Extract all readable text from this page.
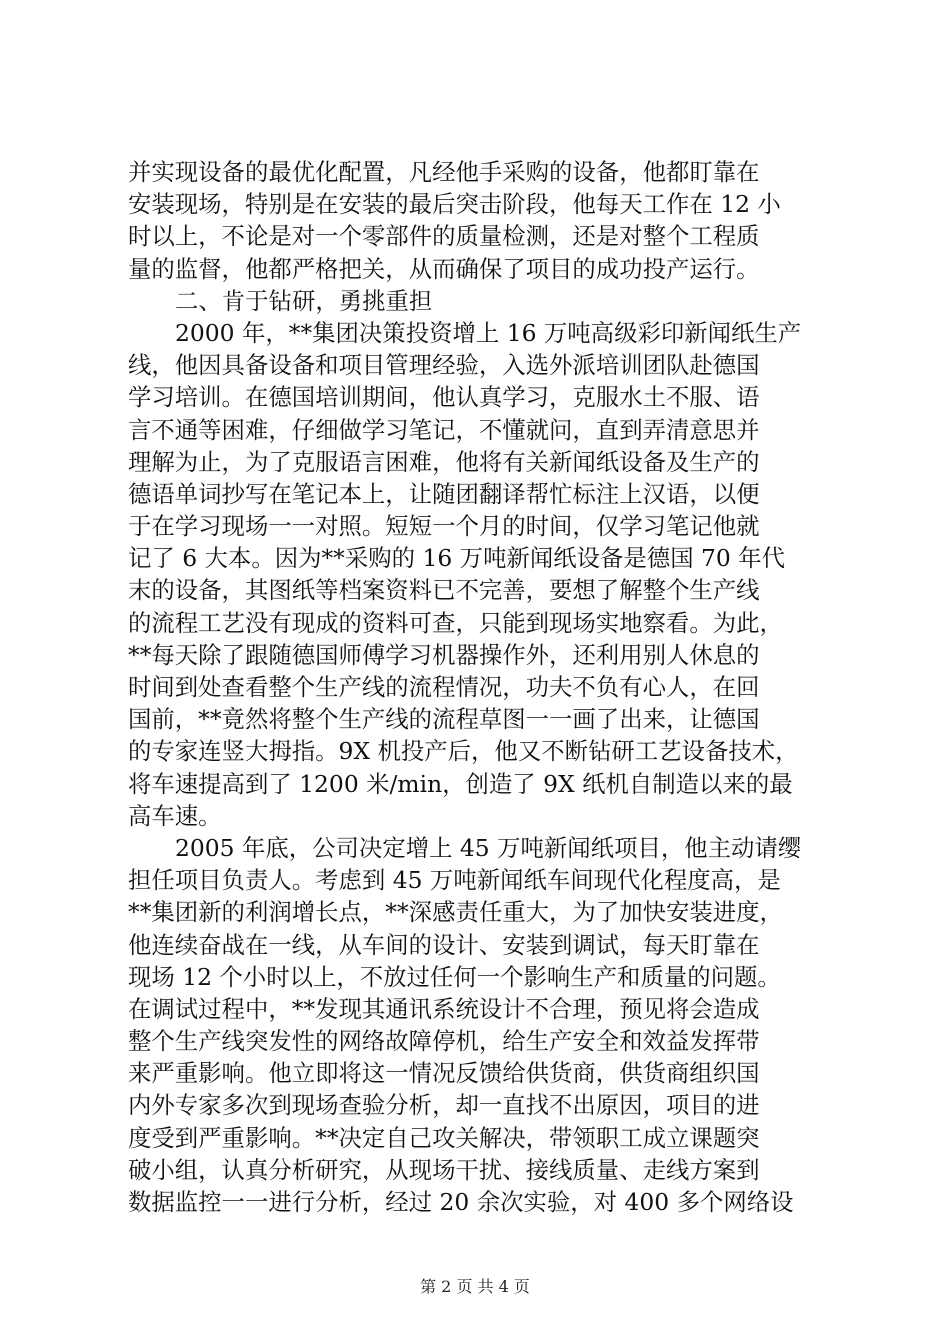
并实现设备的最优化配置，凡经他手采购的设备，他都盯靠在
安装现场，特别是在安装的最后突击阶段，他每天工作在 12 小
时以上，不论是对一个零部件的质量检测，还是对整个工程质
量的监督，他都严格把关，从而确保了项目的成功投产运行。
二、肯于钻研，勇挑重担
2000 年，**集团决策投资增上 16 万吨高级彩印新闻纸生产
线，他因具备设备和项目管理经验，入选外派培训团队赴德国
学习培训。在德国培训期间，他认真学习，克服水土不服、语
言不通等困难，仔细做学习笔记，不懂就问，直到弄清意思并
理解为止，为了克服语言困难，他将有关新闻纸设备及生产的
德语单词抄写在笔记本上，让随团翻译帮忙标注上汉语，以便
于在学习现场一一对照。短短一个月的时间，仅学习笔记他就
记了 6 大本。因为**采购的 16 万吨新闻纸设备是德国 70 年代
末的设备，其图纸等档案资料已不完善，要想了解整个生产线
的流程工艺没有现成的资料可查，只能到现场实地察看。为此，
**每天除了跟随德国师傅学习机器操作外，还利用别人休息的
时间到处查看整个生产线的流程情况，功夫不负有心人，在回
国前，**竟然将整个生产线的流程草图一一画了出来，让德国
的专家连竖大拇指。9X 机投产后，他又不断钻研工艺设备技术，
将车速提高到了 1200 米/min，创造了 9X 纸机自制造以来的最
高车速。
2005 年底，公司决定增上 45 万吨新闻纸项目，他主动请缨
担任项目负责人。考虑到 45 万吨新闻纸车间现代化程度高，是
**集团新的利润增长点，**深感责任重大，为了加快安装进度，
他连续奋战在一线，从车间的设计、安装到调试，每天盯靠在
现场 12 个小时以上，不放过任何一个影响生产和质量的问题。
在调试过程中，**发现其通讯系统设计不合理，预见将会造成
整个生产线突发性的网络故障停机，给生产安全和效益发挥带
来严重影响。他立即将这一情况反馈给供货商，供货商组织国
内外专家多次到现场查验分析，却一直找不出原因，项目的进
度受到严重影响。**决定自己攻关解决，带领职工成立课题突
破小组，认真分析研究，从现场干扰、接线质量、走线方案到
数据监控一一进行分析，经过 20 余次实验，对 400 多个网络设
第 2 页 共 4 页
